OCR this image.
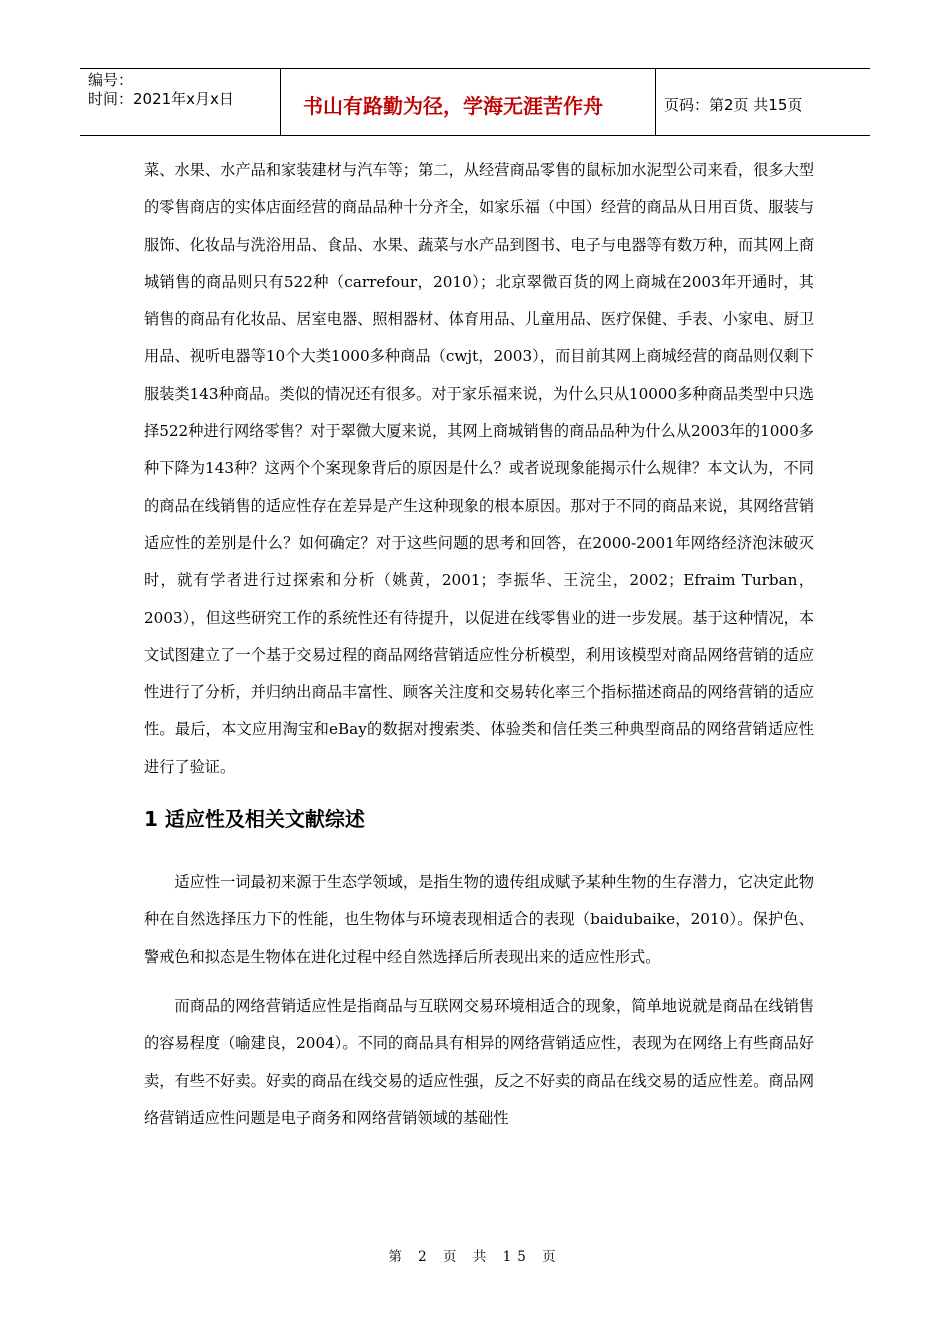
编号：
时间：2021年x月x日	书山有路勤为径，学海无涯苦作舟	页码：第2页 共15页

菜、水果、水产品和家装建材与汽车等；第二，从经营商品零售的鼠标加水泥型公司来看，很多大型的零售商店的实体店面经营的商品品种十分齐全，如家乐福（中国）经营的商品从日用百货、服装与服饰、化妆品与洗浴用品、食品、水果、蔬菜与水产品到图书、电子与电器等有数万种，而其网上商城销售的商品则只有522种（carrefour，2010）；北京翠微百货的网上商城在2003年开通时，其销售的商品有化妆品、居室电器、照相器材、体育用品、儿童用品、医疗保健、手表、小家电、厨卫用品、视听电器等10个大类1000多种商品（cwjt，2003），而目前其网上商城经营的商品则仅剩下服装类143种商品。类似的情况还有很多。对于家乐福来说，为什么只从10000多种商品类型中只选择522种进行网络零售？对于翠微大厦来说，其网上商城销售的商品品种为什么从2003年的1000多种下降为143种？这两个个案现象背后的原因是什么？或者说现象能揭示什么规律？本文认为，不同的商品在线销售的适应性存在差异是产生这种现象的根本原因。那对于不同的商品来说，其网络营销适应性的差别是什么？如何确定？对于这些问题的思考和回答，在2000-2001年网络经济泡沫破灭时，就有学者进行过探索和分析（姚黄，2001；李振华、王浣尘，2002；Efraim Turban，2003），但这些研究工作的系统性还有待提升，以促进在线零售业的进一步发展。基于这种情况，本文试图建立了一个基于交易过程的商品网络营销适应性分析模型，利用该模型对商品网络营销的适应性进行了分析，并归纳出商品丰富性、顾客关注度和交易转化率三个指标描述商品的网络营销的适应性。最后，本文应用淘宝和eBay的数据对搜索类、体验类和信任类三种典型商品的网络营销适应性进行了验证。

1 适应性及相关文献综述

适应性一词最初来源于生态学领域，是指生物的遗传组成赋予某种生物的生存潜力，它决定此物种在自然选择压力下的性能，也生物体与环境表现相适合的表现（baidubaike，2010）。保护色、警戒色和拟态是生物体在进化过程中经自然选择后所表现出来的适应性形式。

而商品的网络营销适应性是指商品与互联网交易环境相适合的现象，简单地说就是商品在线销售的容易程度（喻建良，2004）。不同的商品具有相异的网络营销适应性，表现为在网络上有些商品好卖，有些不好卖。好卖的商品在线交易的适应性强，反之不好卖的商品在线交易的适应性差。商品网络营销适应性问题是电子商务和网络营销领域的基础性

第 2 页 共 15 页
